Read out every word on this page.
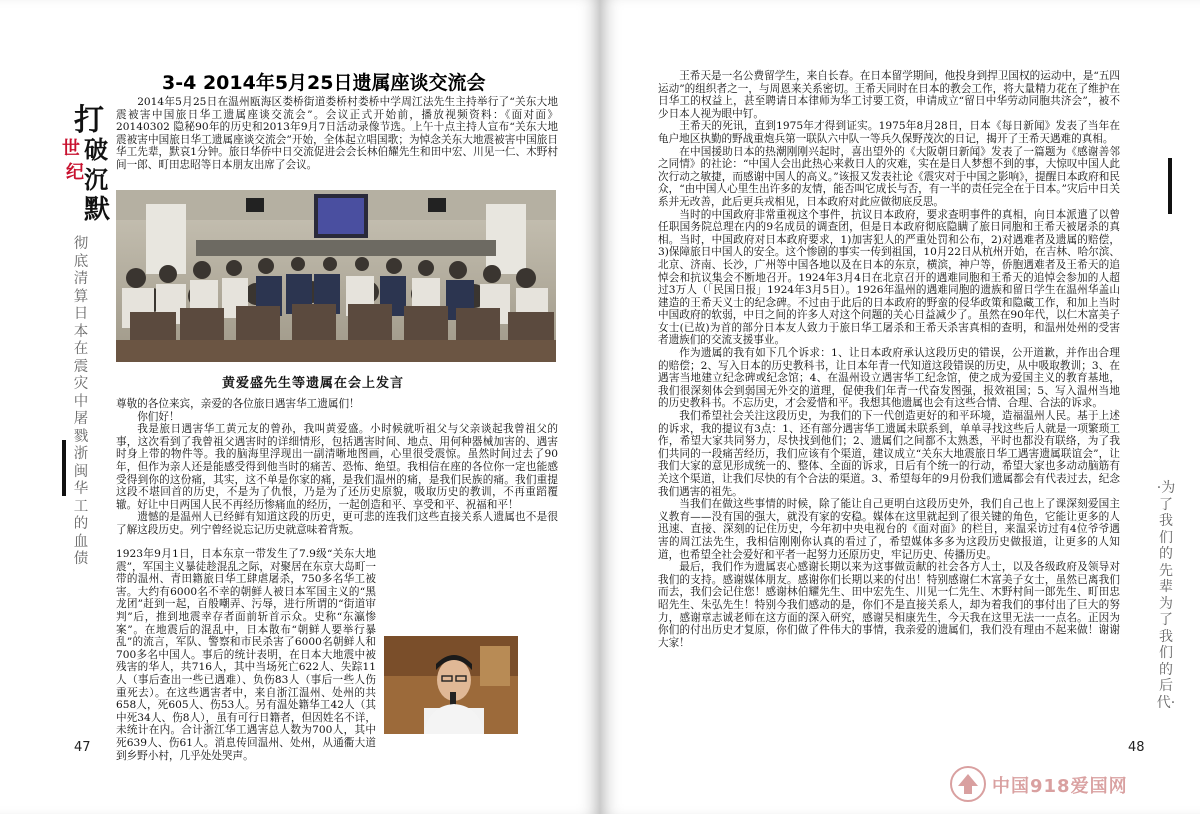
3-4 2014年5月25日遗属座谈交流会
打
破
世
纪 沉
默
彻底清算日本在震灾中屠戮浙闽华工的血债

2014年5月25日在温州瓯海区娄桥街道娄桥村娄桥中学周江法先生主持举行了“关东大地震被害中国旅日华工遗属座谈交流会”。会议正式开始前，播放视频资料：《面对面》20140302 隐秘90年的历史和2013年9月7日活动录像节选。上午十点主持人宣布“关东大地震被害中国旅日华工遗属座谈交流会”开始，全体起立唱国歌；为悼念关东大地震被害中国旅日华工先辈，默哀1分钟。旅日华侨中日交流促进会会长林伯耀先生和田中宏、川见一仁、木野村间一郎、町田忠昭等日本朋友出席了会议。

黄爱盛先生等遗属在会上发言
尊敬的各位来宾，亲爱的各位旅日遇害华工遗属们！
你们好！

我是旅日遇害华工黄元友的曾孙，我叫黄爱盛。小时候就听祖父与父亲谈起我曾祖父的事，这次看到了我曾祖父遇害时的详细情形，包括遇害时间、地点、用何种器械加害的、遇害时身上带的物件等。我的脑海里浮现出一副清晰地图画，心里很受震惊。虽然时间过去了90年，但作为亲人还是能感受得到他当时的痛苦、恐怖、绝望。我相信在座的各位你一定也能感受得到你的这份痛，其实，这不单是你家的痛，是我们温州的痛，是我们民族的痛。我们重提这段不堪回首的历史，不是为了仇恨，乃是为了还历史原貌，吸取历史的教训，不再重蹈覆辙。好让中日两国人民不再经历惨痛血的经历，一起创造和平、享受和平、祝福和平！

遗憾的是温州人已经鲜有知道这段的历史，更可悲的连我们这些直接关系人遗属也不是很了解这段历史。列宁曾经说忘记历史就意味着背叛。

1923年9月1日，日本东京一带发生了7.9级“关东大地震”，军国主义暴徒趁混乱之际，对聚居在东京大岛町一带的温州、青田籍旅日华工肆虐屠杀，750多名华工被害。大约有6000名不幸的朝鲜人被日本军国主义的“黑龙团”赶到一起，百般嘲弄、污辱，进行所谓的“街道审判”后，推到地震幸存者面前斩首示众。史称“东瀛惨案”。在地震后的混乱中，日本散布“朝鲜人要举行暴乱”的流言，军队、警察和市民杀害了6000名朝鲜人和700多名中国人。事后的统计表明，在日本大地震中被残害的华人，共716人，其中当场死亡622人、失踪11人（事后查出一些已遇难）、负伤83人（事后一些人伤重死去）。在这些遇害者中，来自浙江温州、处州的共658人，死605人、伤53人。另有温处籍华工42人（其中死34人、伤8人），虽有可行日籍者，但因姓名不详，未统计在内。合计浙江华工遇害总人数为700人，其中死639人、伤61人。消息传回温州、处州，从通衢大道到乡野小村，几乎处处哭声。

47

王希天是一名公费留学生，来自长春。在日本留学期间，他投身到捍卫国权的运动中，是“五四运动”的组织者之一，与周恩来关系密切。王希天同时在日本的教会工作，将大量精力花在了维护在日华工的权益上，甚至聘请日本律师为华工讨要工资，申请成立“留日中华劳动同胞共济会”，被不少日本人视为眼中钉。

王希天的死讯，直到1975年才得到证实。1975年8月28日，日本《每日新闻》发表了当年在龟户地区执勤的野战重炮兵第一联队六中队一等兵久保野茂次的日记，揭开了王希天遇难的真相。

在中国援助日本的热潮刚刚兴起时，喜出望外的《大阪朝日新闻》发表了一篇题为《感谢善邻之同情》的社论：“中国人会出此热心来救日人的灾难，实在是日人梦想不到的事，大惊叹中国人此次行动之敏捷，而感谢中国人的高义。”该报又发表社论《震灾对于中国之影响》，提醒日本政府和民众，“由中国人心里生出许多的友情，能否叫它成长与否，有一半的责任完全在于日本。”灾后中日关系并无改善，此后更兵戎相见，日本政府对此应做彻底反思。

当时的中国政府非常重视这个事件，抗议日本政府，要求查明事件的真相，向日本派遣了以曾任职国务院总理在内的9名成员的调查团，但是日本政府彻底隐瞒了旅日同胞和王希天被屠杀的真相。当时，中国政府对日本政府要求，1)加害犯人的严重处罚和公布，2)对遇难者及遗属的赔偿，3)保障旅日中国人的安全。这个惨剧的事实一传到祖国，10月22日从杭州开始，在吉林、哈尔滨、北京、济南、长沙，广州等中国各地以及在日本的东京，横滨，神户等，侨胞遇难者及王希天的追悼会和抗议集会不断地召开。1924年3月4日在北京召开的遇难同胞和王希天的追悼会参加的人超过3万人（「民国日报」1924年3月5日）。1926年温州的遇难同胞的遗族和留日学生在温州华盖山建造的王希天义士的纪念碑。不过由于此后的日本政府的野蛮的侵华政策和隐藏工作，和加上当时中国政府的软弱，中日之间的许多人对这个问题的关心日益减少了。虽然在90年代，以仁木富美子女士(已故)为首的部分日本友人致力于旅日华工屠杀和王希天杀害真相的查明，和温州处州的受害者遗族们的交流支援事业。

作为遗属的我有如下几个诉求：1、让日本政府承认这段历史的错误，公开道歉，并作出合理的赔偿；2、写入日本的历史教科书，让日本年青一代知道这段错误的历史，从中吸取教训；3、在遇害当地建立纪念碑或纪念馆；4、在温州设立遇害华工纪念馆，使之成为爱国主义的教育基地，我们很深刻体会到弱国无外交的道理，促使我们年青一代奋发图强，报效祖国；5、写入温州当地的历史教科书。不忘历史，才会爱惜和平。我想其他遗属也会有这些合情、合理、合法的诉求。

我们希望社会关注这段历史，为我们的下一代创造更好的和平环境，造福温州人民。基于上述的诉求，我的提议有3点：1、还有部分遇害华工遗属未联系到，单单寻找这些后人就是一项繁琐工作，希望大家共同努力，尽快找到他们；2、遗属们之间都不太熟悉，平时也都没有联络，为了我们共同的一段痛苦经历，我们应该有个渠道，建议成立“关东大地震旅日华工遇害遗属联谊会”，让我们大家的意见形成统一的、整体、全面的诉求，日后有个统一的行动，希望大家也多动动脑筋有关这个渠道，让我们尽快的有个合法的渠道。3、希望每年的9月份我们遗属都会有代表过去，纪念我们遇害的祖先。

当我们在做这些事情的时候，除了能让自己更明白这段历史外，我们自己也上了课深刻爱国主义教育——没有国的强大，就没有家的安稳。媒体在这里就起到了很关键的角色，它能让更多的人迅速、直接、深刻的记住历史，今年初中央电视台的《面对面》的栏目，来温采访过有4位爷爷遇害的周江法先生，我相信刚刚你认真的看过了，希望媒体多多为这段历史做报道，让更多的人知道，也希望全社会爱好和平者一起努力还原历史，牢记历史、传播历史。

最后，我们作为遗属衷心感谢长期以来为这事做贡献的社会各方人士，以及各级政府及领导对我们的支持。感谢媒体朋友。感谢你们长期以来的付出！特别感谢仁木富美子女士，虽然已离我们而去，我们会记住您！感谢林伯耀先生、田中宏先生、川见一仁先生、木野村间一郎先生、町田忠昭先生、朱弘先生！特别今我们感动的是，你们不是直接关系人，却为着我们的事付出了巨大的努力，感谢章志诚老师在这方面的深入研究，感谢吴相康先生，今天我在这里无法一一点名。正因为你们的付出历史才复原，你们做了件伟大的事情，我亲爱的遗属们，我们没有理由不起来做！谢谢大家！

·为了我们的先辈 为了我们的后代·
48
中国918爱国网
